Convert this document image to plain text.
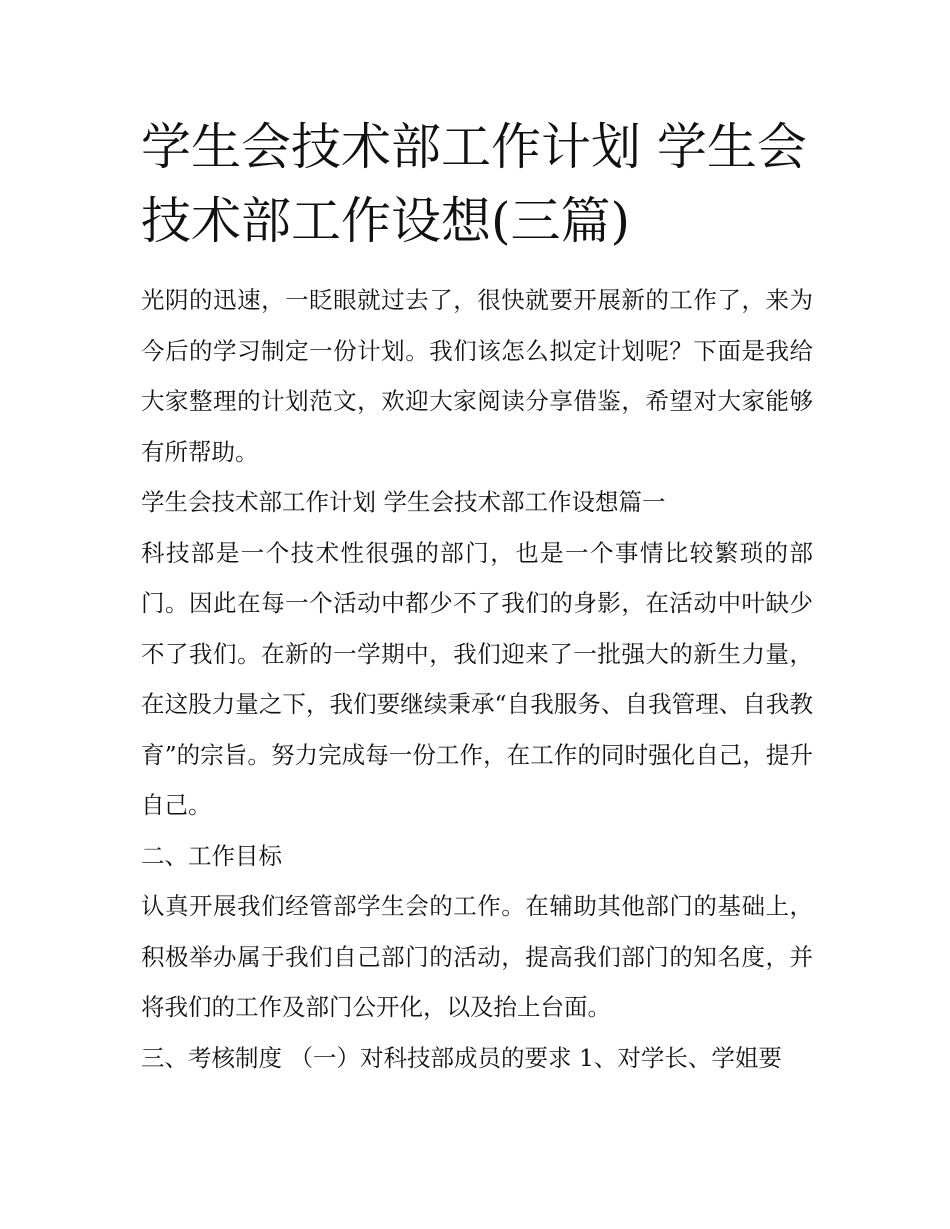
学生会技术部工作计划 学生会技术部工作设想(三篇)

光阴的迅速，一眨眼就过去了，很快就要开展新的工作了，来为今后的学习制定一份计划。我们该怎么拟定计划呢？下面是我给大家整理的计划范文，欢迎大家阅读分享借鉴，希望对大家能够有所帮助。

学生会技术部工作计划 学生会技术部工作设想篇一

科技部是一个技术性很强的部门，也是一个事情比较繁琐的部门。因此在每一个活动中都少不了我们的身影，在活动中叶缺少不了我们。在新的一学期中，我们迎来了一批强大的新生力量，在这股力量之下，我们要继续秉承“自我服务、自我管理、自我教育”的宗旨。努力完成每一份工作，在工作的同时强化自己，提升自己。

二、工作目标

认真开展我们经管部学生会的工作。在辅助其他部门的基础上，积极举办属于我们自己部门的活动，提高我们部门的知名度，并将我们的工作及部门公开化，以及抬上台面。

三、考核制度 （一）对科技部成员的要求 1、对学长、学姐要
